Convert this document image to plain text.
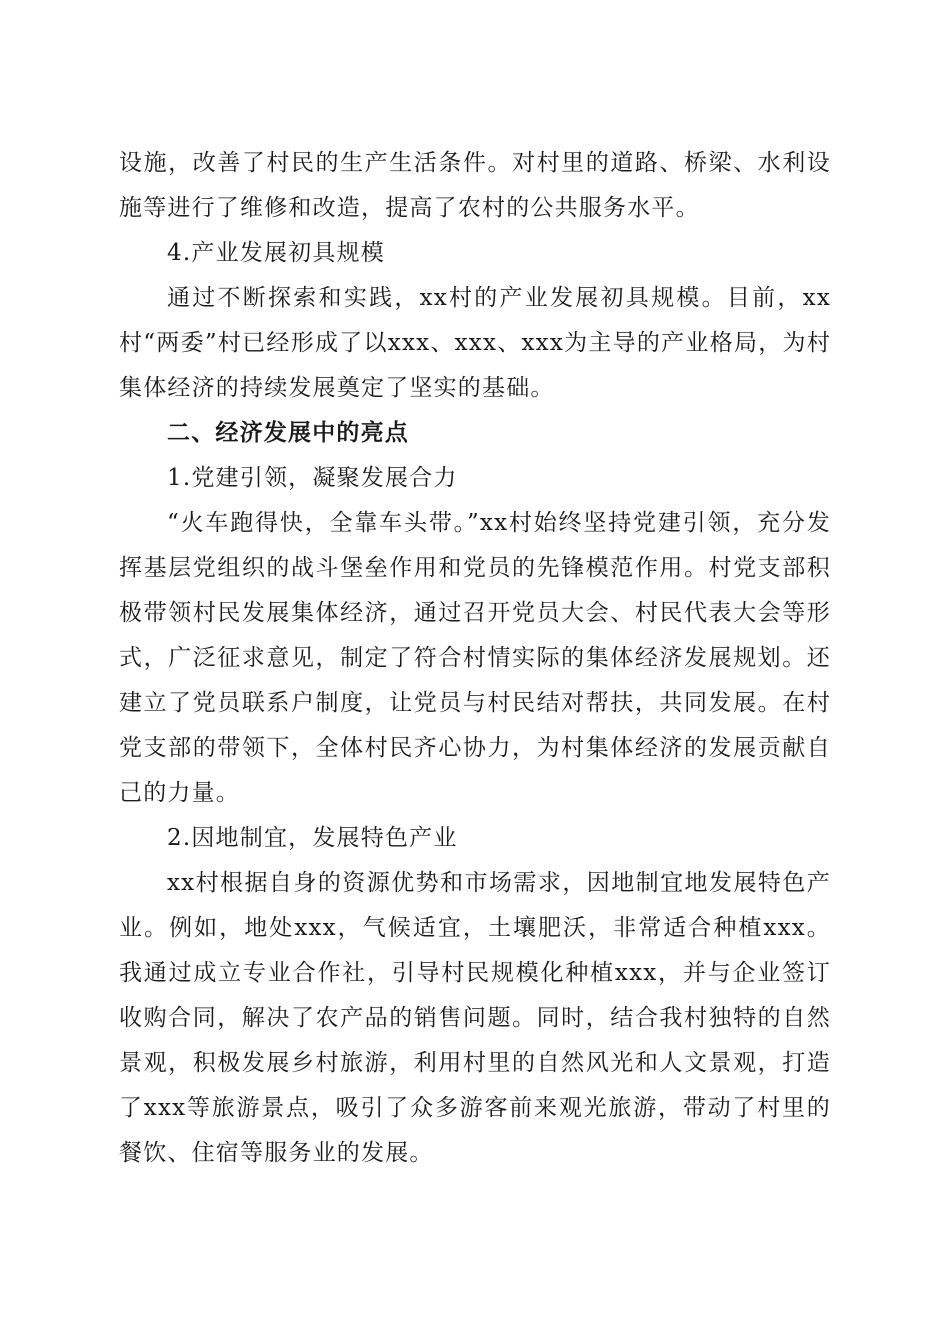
设施，改善了村民的生产生活条件。对村里的道路、桥梁、水利设施等进行了维修和改造，提高了农村的公共服务水平。

4.产业发展初具规模

通过不断探索和实践，xx村的产业发展初具规模。目前，xx村“两委”村已经形成了以xxx、xxx、xxx为主导的产业格局，为村集体经济的持续发展奠定了坚实的基础。

二、经济发展中的亮点

1.党建引领，凝聚发展合力

“火车跑得快，全靠车头带。”xx村始终坚持党建引领，充分发挥基层党组织的战斗堡垒作用和党员的先锋模范作用。村党支部积极带领村民发展集体经济，通过召开党员大会、村民代表大会等形式，广泛征求意见，制定了符合村情实际的集体经济发展规划。还建立了党员联系户制度，让党员与村民结对帮扶，共同发展。在村党支部的带领下，全体村民齐心协力，为村集体经济的发展贡献自己的力量。

2.因地制宜，发展特色产业

xx村根据自身的资源优势和市场需求，因地制宜地发展特色产业。例如，地处xxx，气候适宜，土壤肥沃，非常适合种植xxx。我通过成立专业合作社，引导村民规模化种植xxx，并与企业签订收购合同，解决了农产品的销售问题。同时，结合我村独特的自然景观，积极发展乡村旅游，利用村里的自然风光和人文景观，打造了xxx等旅游景点，吸引了众多游客前来观光旅游，带动了村里的餐饮、住宿等服务业的发展。
